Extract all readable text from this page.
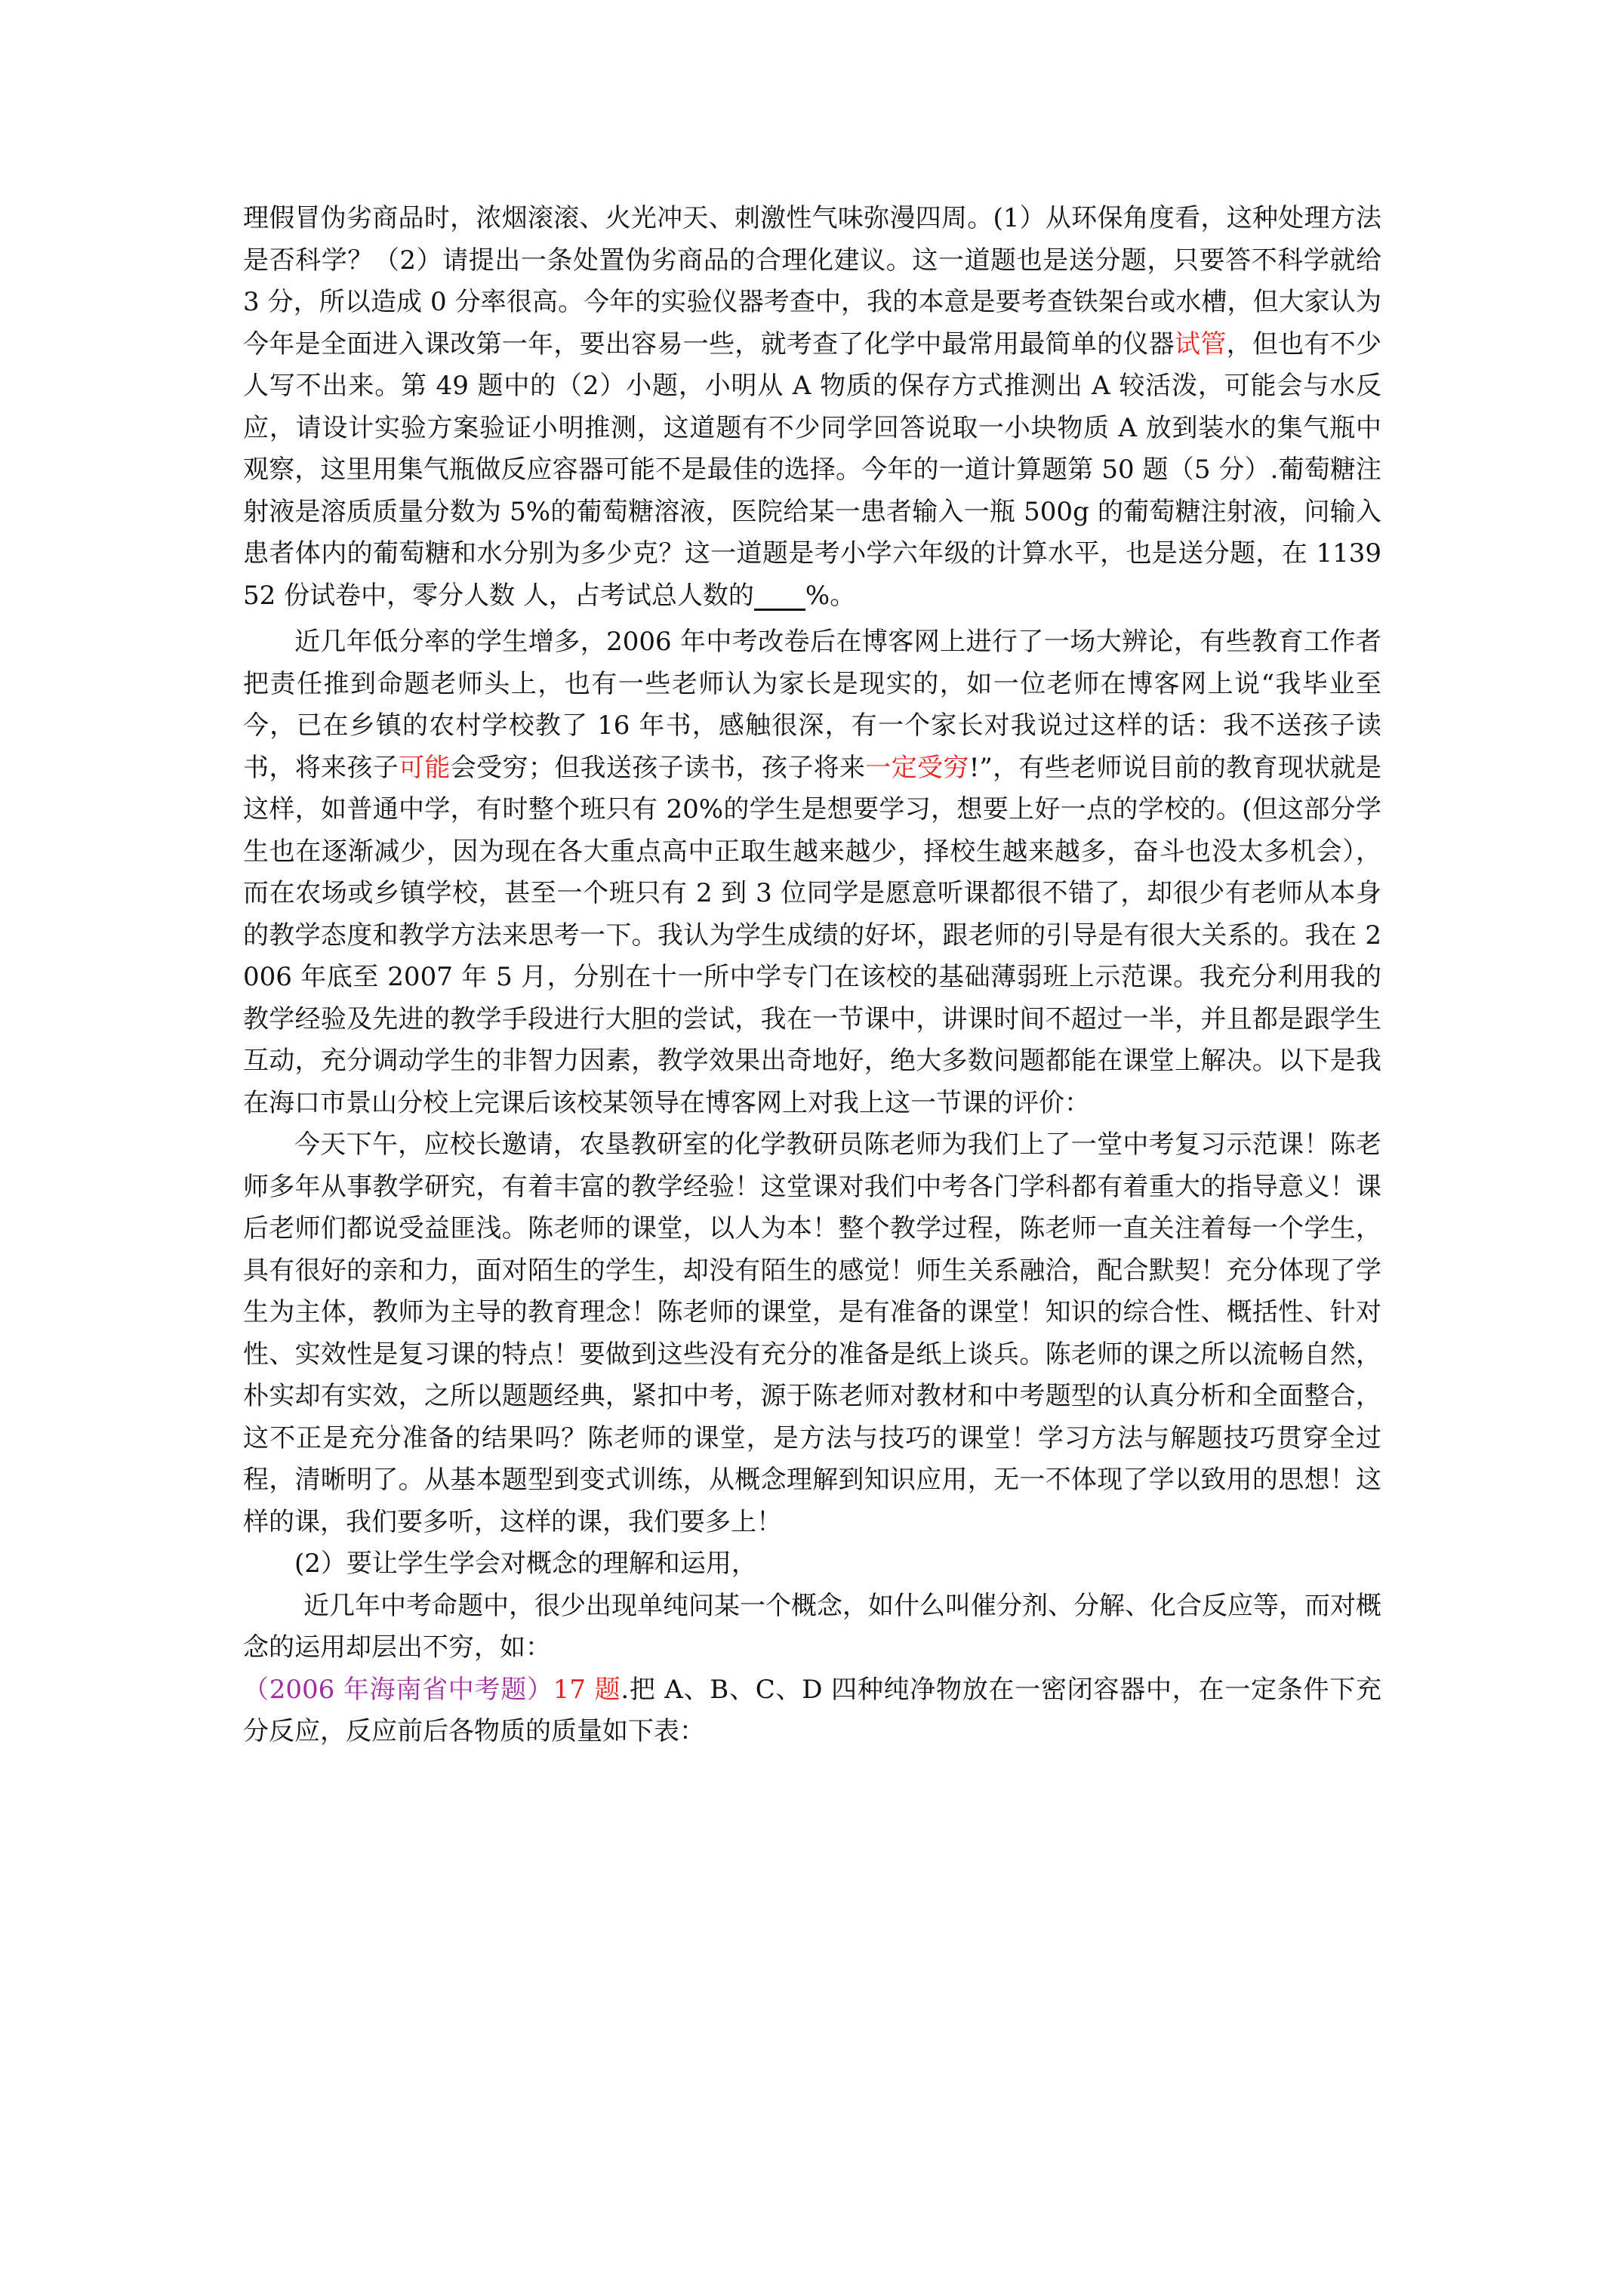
理假冒伪劣商品时，浓烟滚滚、火光冲天、刺激性气味弥漫四周。(1）从环保角度看，这种处理方法是否科学？（2）请提出一条处置伪劣商品的合理化建议。这一道题也是送分题，只要答不科学就给 3 分，所以造成 0 分率很高。今年的实验仪器考查中，我的本意是要考查铁架台或水槽，但大家认为今年是全面进入课改第一年，要出容易一些，就考查了化学中最常用最简单的仪器试管，但也有不少人写不出来。第 49 题中的（2）小题，小明从 A 物质的保存方式推测出 A 较活泼，可能会与水反应，请设计实验方案验证小明推测，这道题有不少同学回答说取一小块物质 A 放到装水的集气瓶中观察，这里用集气瓶做反应容器可能不是最佳的选择。今年的一道计算题第 50 题（5 分）.葡萄糖注射液是溶质质量分数为 5%的葡萄糖溶液，医院给某一患者输入一瓶 500g 的葡萄糖注射液，问输入患者体内的葡萄糖和水分别为多少克？这一道题是考小学六年级的计算水平，也是送分题，在 113952 份试卷中，零分人数 人，占考试总人数的 %。

近几年低分率的学生增多，2006 年中考改卷后在博客网上进行了一场大辨论，有些教育工作者把责任推到命题老师头上，也有一些老师认为家长是现实的，如一位老师在博客网上说“我毕业至今，已在乡镇的农村学校教了 16 年书，感触很深，有一个家长对我说过这样的话：我不送孩子读书，将来孩子可能会受穷；但我送孩子读书，孩子将来一定受穷!”，有些老师说目前的教育现状就是这样，如普通中学，有时整个班只有 20%的学生是想要学习，想要上好一点的学校的。(但这部分学生也在逐渐减少，因为现在各大重点高中正取生越来越少，择校生越来越多，奋斗也没太多机会），而在农场或乡镇学校，甚至一个班只有 2 到 3 位同学是愿意听课都很不错了，却很少有老师从本身的教学态度和教学方法来思考一下。我认为学生成绩的好坏，跟老师的引导是有很大关系的。我在 2006 年底至 2007 年 5 月，分别在十一所中学专门在该校的基础薄弱班上示范课。我充分利用我的教学经验及先进的教学手段进行大胆的尝试，我在一节课中，讲课时间不超过一半，并且都是跟学生互动，充分调动学生的非智力因素，教学效果出奇地好，绝大多数问题都能在课堂上解决。以下是我在海口市景山分校上完课后该校某领导在博客网上对我上这一节课的评价：

今天下午，应校长邀请，农垦教研室的化学教研员陈老师为我们上了一堂中考复习示范课！陈老师多年从事教学研究，有着丰富的教学经验！这堂课对我们中考各门学科都有着重大的指导意义！课后老师们都说受益匪浅。陈老师的课堂，以人为本！整个教学过程，陈老师一直关注着每一个学生，具有很好的亲和力，面对陌生的学生，却没有陌生的感觉！师生关系融洽，配合默契！充分体现了学生为主体，教师为主导的教育理念！陈老师的课堂，是有准备的课堂！知识的综合性、概括性、针对性、实效性是复习课的特点！要做到这些没有充分的准备是纸上谈兵。陈老师的课之所以流畅自然，朴实却有实效，之所以题题经典，紧扣中考，源于陈老师对教材和中考题型的认真分析和全面整合，这不正是充分准备的结果吗？陈老师的课堂，是方法与技巧的课堂！学习方法与解题技巧贯穿全过程，清晰明了。从基本题型到变式训练，从概念理解到知识应用，无一不体现了学以致用的思想！这样的课，我们要多听，这样的课，我们要多上！

(2）要让学生学会对概念的理解和运用，

近几年中考命题中，很少出现单纯问某一个概念，如什么叫催分剂、分解、化合反应等，而对概念的运用却层出不穷，如：

（2006 年海南省中考题）17 题.把 A、B、C、D 四种纯净物放在一密闭容器中，在一定条件下充分反应，反应前后各物质的质量如下表：
